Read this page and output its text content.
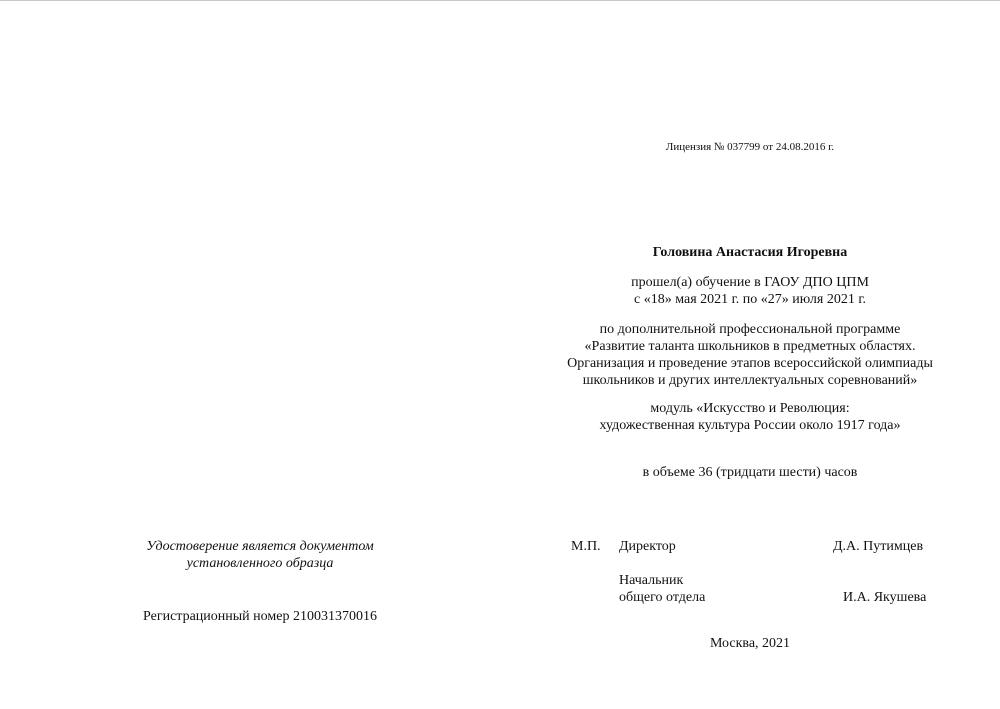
Лицензия № 037799 от 24.08.2016 г.
Головина Анастасия Игоревна
прошел(а) обучение в ГАОУ ДПО ЦПМ
с «18» мая 2021 г. по «27» июля 2021 г.
по дополнительной профессиональной программе
«Развитие таланта школьников в предметных областях.
Организация и проведение этапов всероссийской олимпиады
школьников и других интеллектуальных соревнований»
модуль «Искусство и Революция:
художественная культура России около 1917 года»
в объеме 36 (тридцати шести) часов
Удостоверение является документом
установленного образца
Регистрационный номер 210031370016
М.П. Директор	Д.А. Путимцев
Начальник
общего отдела	И.А. Якушева
Москва, 2021
